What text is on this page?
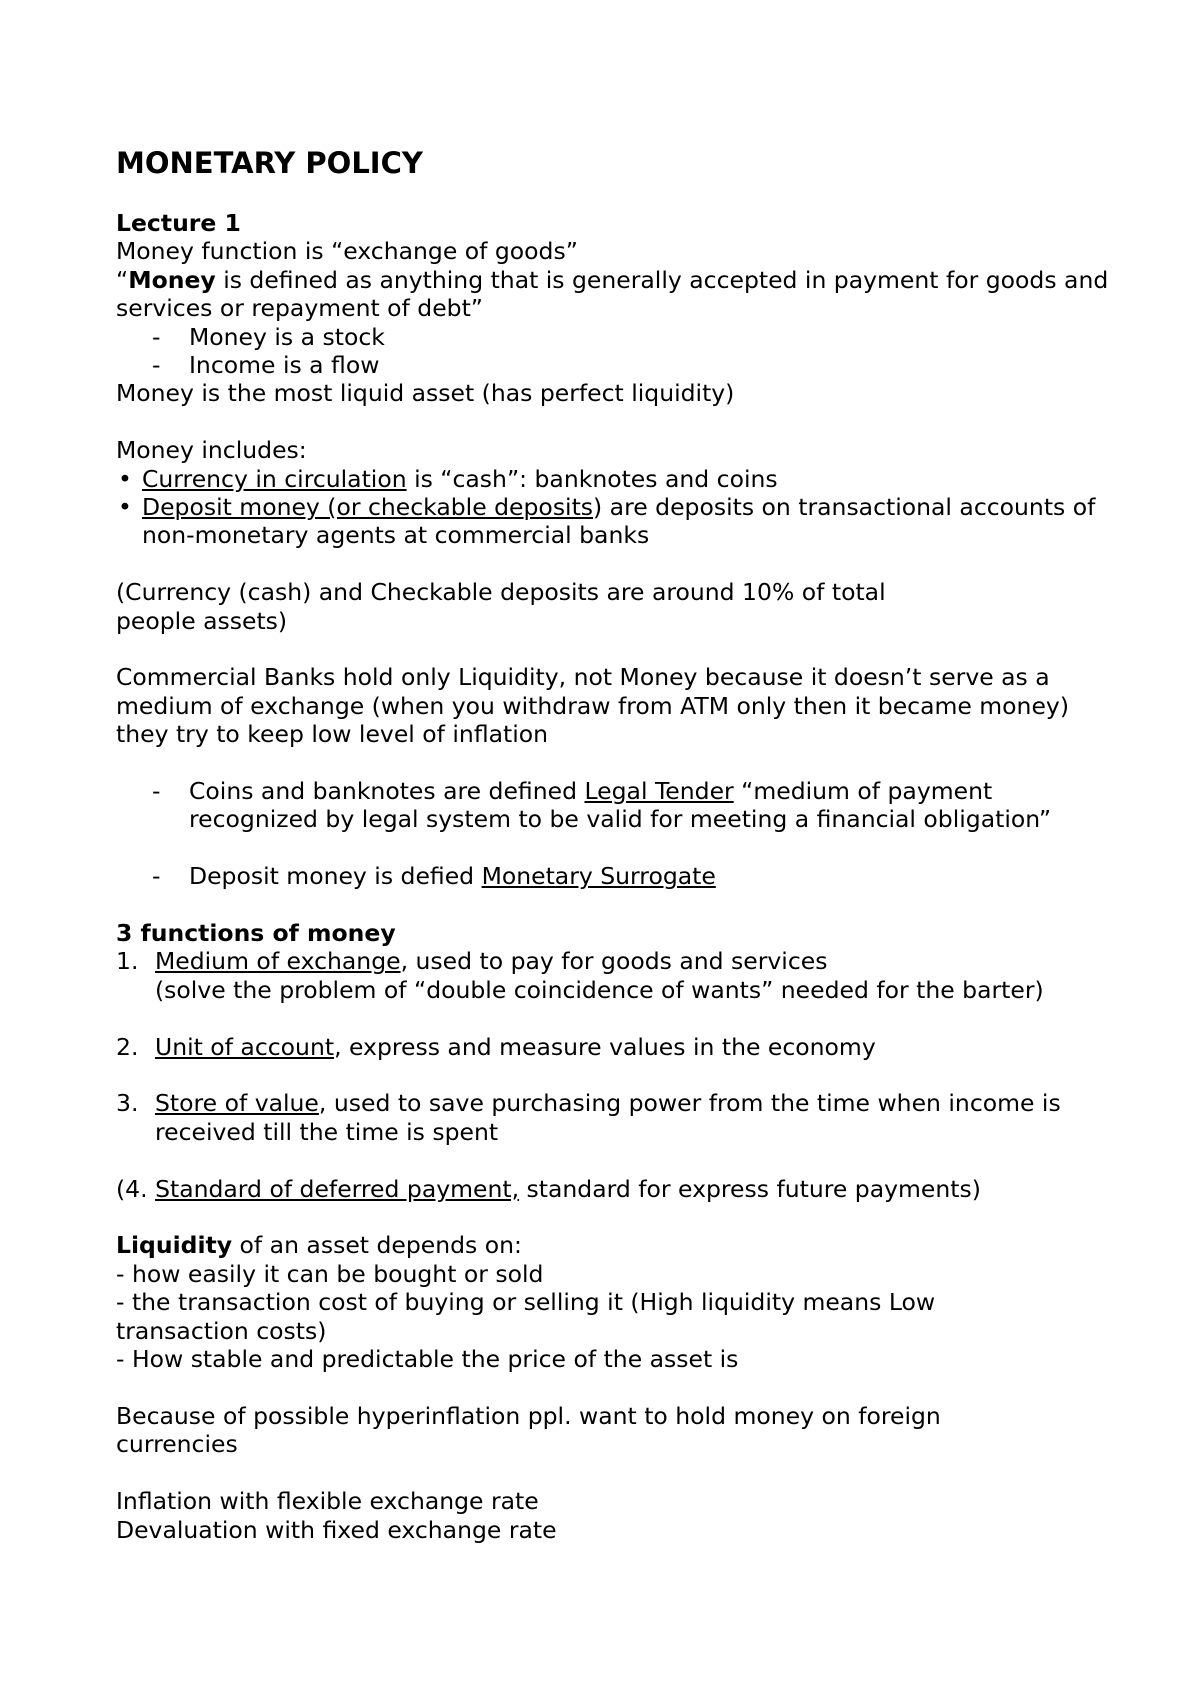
MONETARY POLICY

Lecture 1

Money function is “exchange of goods”

“Money is defined as anything that is generally accepted in payment for goods and services or repayment of debt”

- Money is a stock
- Income is a flow

Money is the most liquid asset (has perfect liquidity)

Money includes:

• Currency in circulation is “cash”: banknotes and coins
• Deposit money (or checkable deposits) are deposits on transactional accounts of
non-monetary agents at commercial banks

(Currency (cash) and Checkable deposits are around 10% of total people assets)

Commercial Banks hold only Liquidity, not Money because it doesn’t serve as a medium of exchange (when you withdraw from ATM only then it became money) they try to keep low level of inflation

- Coins and banknotes are defined Legal Tender “medium of payment recognized by legal system to be valid for meeting a financial obligation”
- Deposit money is defied Monetary Surrogate

3 functions of money

1. Medium of exchange, used to pay for goods and services
(solve the problem of “double coincidence of wants” needed for the barter)
2. Unit of account, express and measure values in the economy
3. Store of value, used to save purchasing power from the time when income is received till the time is spent

(4. Standard of deferred payment, standard for express future payments)

Liquidity of an asset depends on:

- how easily it can be bought or sold

- the transaction cost of buying or selling it (High liquidity means Low transaction costs)

- How stable and predictable the price of the asset is

Because of possible hyperinflation ppl. want to hold money on foreign currencies

Inflation with flexible exchange rate

Devaluation with fixed exchange rate
